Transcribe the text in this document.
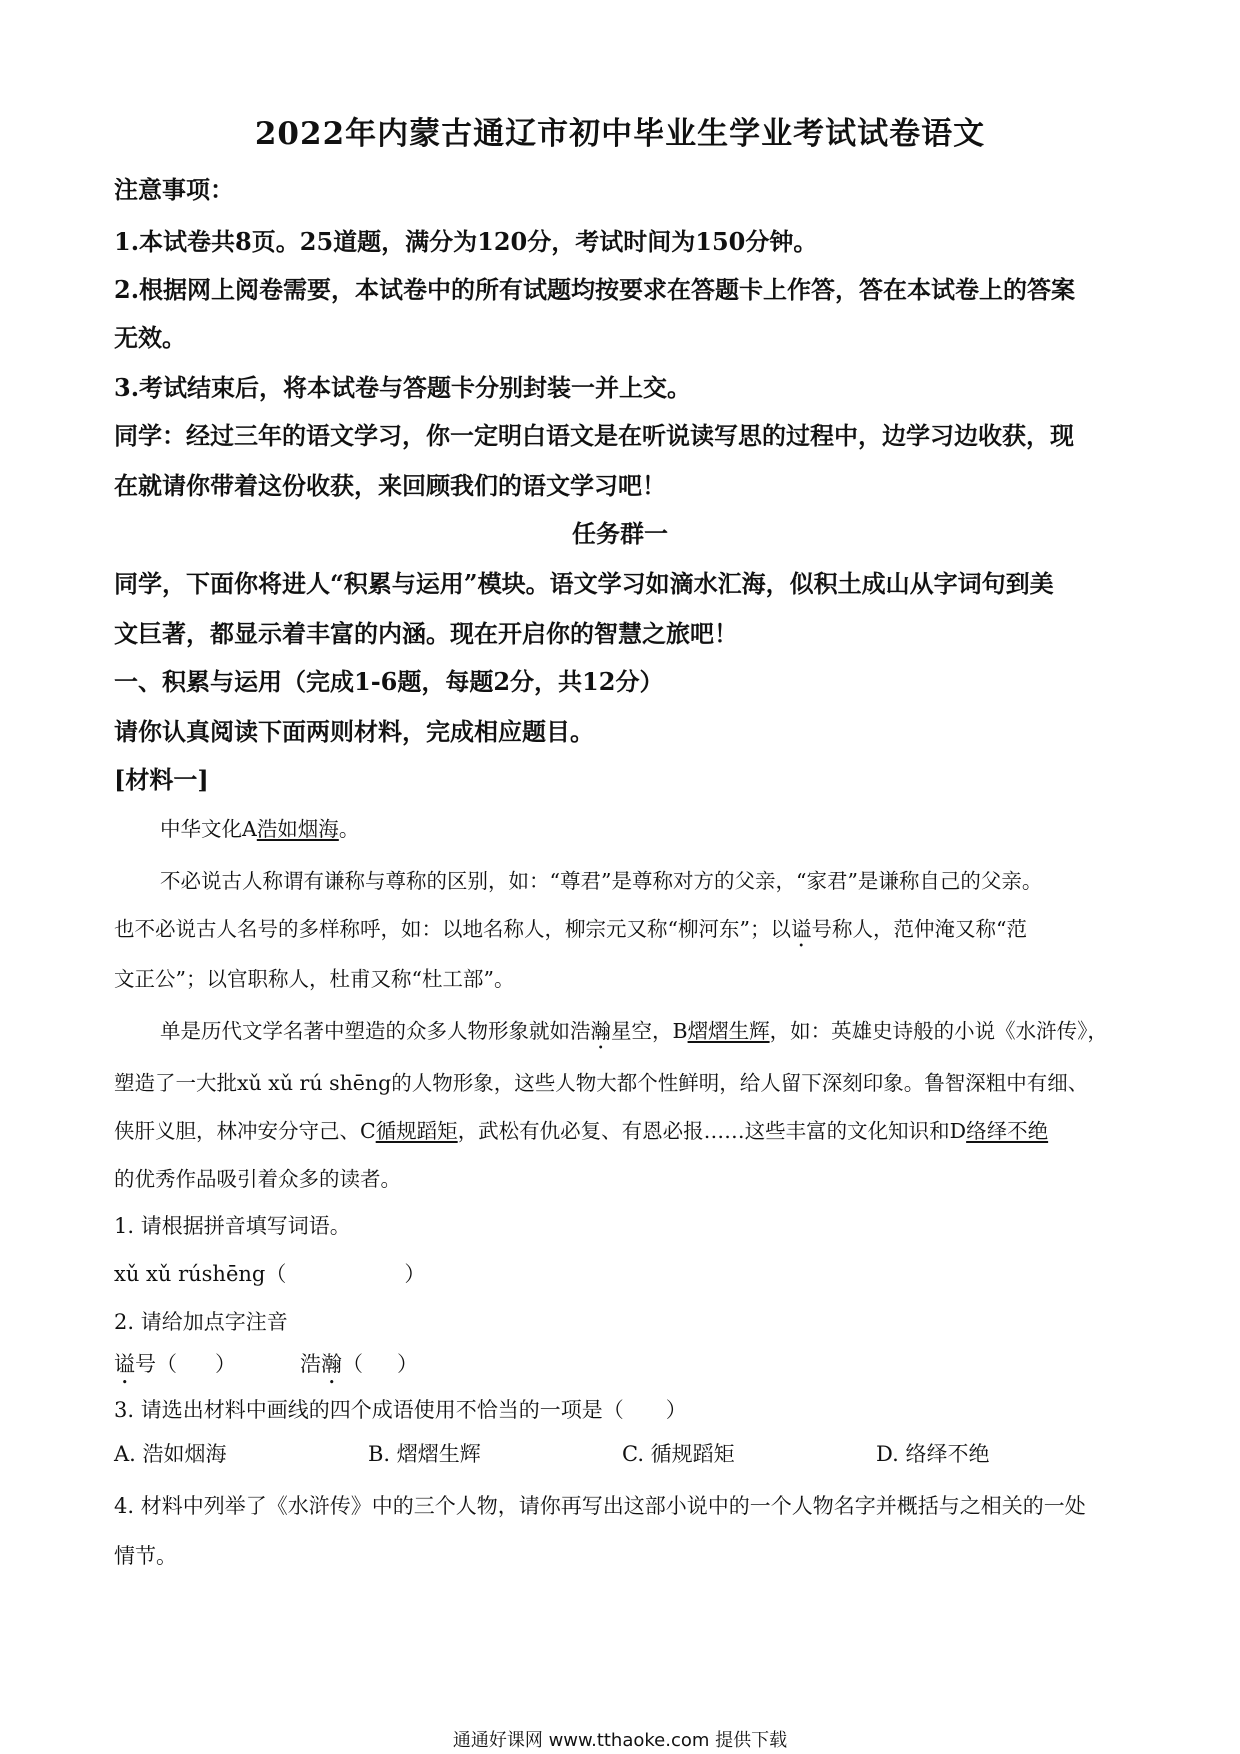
2022年内蒙古通辽市初中毕业生学业考试试卷语文
注意事项：
1.本试卷共8页。25道题，满分为120分，考试时间为150分钟。
2.根据网上阅卷需要，本试卷中的所有试题均按要求在答题卡上作答，答在本试卷上的答案
无效。
3.考试结束后，将本试卷与答题卡分别封装一并上交。
同学：经过三年的语文学习，你一定明白语文是在听说读写思的过程中，边学习边收获，现
在就请你带着这份收获，来回顾我们的语文学习吧！
任务群一
同学，下面你将进人“积累与运用”模块。语文学习如滴水汇海，似积土成山从字词句到美
文巨著，都显示着丰富的内涵。现在开启你的智慧之旅吧！
一、积累与运用（完成1-6题，每题2分，共12分）
请你认真阅读下面两则材料，完成相应题目。
[材料一]
中华文化A浩如烟海。
不必说古人称谓有谦称与尊称的区别，如：“尊君”是尊称对方的父亲，“家君”是谦称自己的父亲。
也不必说古人名号的多样称呼，如：以地名称人，柳宗元又称“柳河东”；以谥号称人，范仲淹又称“范
文正公”；以官职称人，杜甫又称“杜工部”。
单是历代文学名著中塑造的众多人物形象就如浩瀚星空，B熠熠生辉，如：英雄史诗般的小说《水浒传》，
塑造了一大批xǔ xǔ rú shēng的人物形象，这些人物大都个性鲜明，给人留下深刻印象。鲁智深粗中有细、
侠肝义胆，林冲安分守己、C循规蹈矩，武松有仇必复、有恩必报……这些丰富的文化知识和D络绎不绝
的优秀作品吸引着众多的读者。
1. 请根据拼音填写词语。
xǔ xǔ rúshēng（	）
2. 请给加点字注音
谥号（ ）	浩瀚（ ）
3. 请选出材料中画线的四个成语使用不恰当的一项是（　　）
A. 浩如烟海	B. 熠熠生辉	C. 循规蹈矩	D. 络绎不绝
4. 材料中列举了《水浒传》中的三个人物，请你再写出这部小说中的一个人物名字并概括与之相关的一处
情节。
通通好课网 www.tthaoke.com 提供下载
